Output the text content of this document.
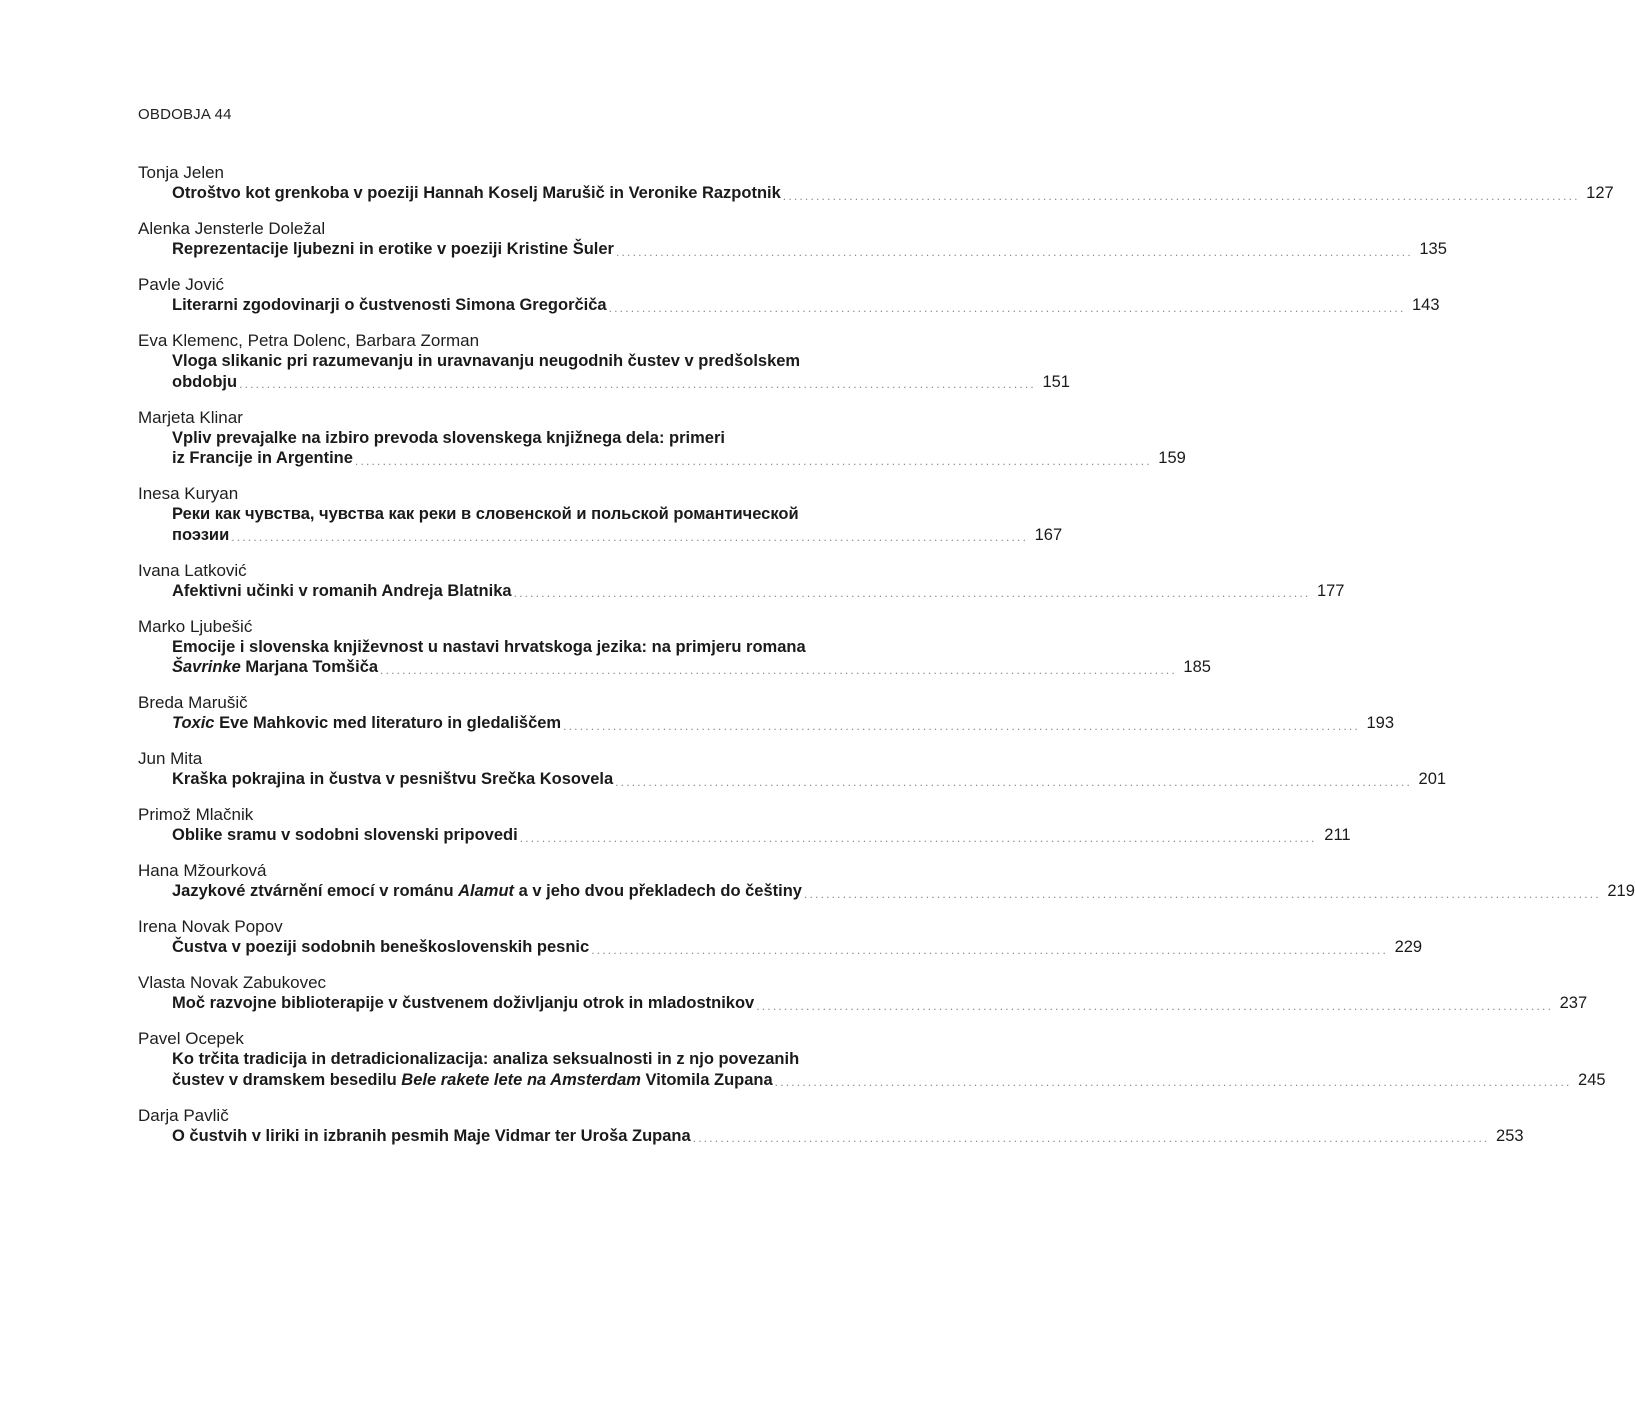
OBDOBJA 44
Tonja Jelen
Otroštvo kot grenkoba v poeziji Hannah Koselj Marušič in Veronike Razpotnik ................................................................................................................................................ 127
Alenka Jensterle Doležal
Reprezentacije ljubezni in erotike v poeziji Kristine Šuler ................................................................................................................................................ 135
Pavle Jović
Literarni zgodovinarji o čustvenosti Simona Gregorčiča ................................................................................................................................................ 143
Eva Klemenc, Petra Dolenc, Barbara Zorman
Vloga slikanic pri razumevanju in uravnavanju neugodnih čustev v predšolskem
obdobju ................................................................................................................................................ 151
Marjeta Klinar
Vpliv prevajalke na izbiro prevoda slovenskega knjižnega dela: primeri
iz Francije in Argentine ................................................................................................................................................ 159
Inesa Kuryan
Реки как чувства, чувства как реки в словенской и польской романтической
поэзии ................................................................................................................................................ 167
Ivana Latković
Afektivni učinki v romanih Andreja Blatnika ................................................................................................................................................ 177
Marko Ljubešić
Emocije i slovenska književnost u nastavi hrvatskoga jezika: na primjeru romana
Šavrinke Marjana Tomšiča ................................................................................................................................................ 185
Breda Marušič
Toxic Eve Mahkovic med literaturo in gledališčem ................................................................................................................................................ 193
Jun Mita
Kraška pokrajina in čustva v pesništvu Srečka Kosovela ................................................................................................................................................ 201
Primož Mlačnik
Oblike sramu v sodobni slovenski pripovedi ................................................................................................................................................ 211
Hana Mžourková
Jazykové ztvárnění emocí v románu Alamut a v jeho dvou překladech do češtiny ................................................................................................................................................ 219
Irena Novak Popov
Čustva v poeziji sodobnih beneškoslovenskih pesnic ................................................................................................................................................ 229
Vlasta Novak Zabukovec
Moč razvojne biblioterapije v čustvenem doživljanju otrok in mladostnikov ................................................................................................................................................ 237
Pavel Ocepek
Ko trčita tradicija in detradicionalizacija: analiza seksualnosti in z njo povezanih
čustev v dramskem besedilu Bele rakete lete na Amsterdam Vitomila Zupana ................................................................................................................................................ 245
Darja Pavlič
O čustvih v liriki in izbranih pesmih Maje Vidmar ter Uroša Zupana ................................................................................................................................................ 253
